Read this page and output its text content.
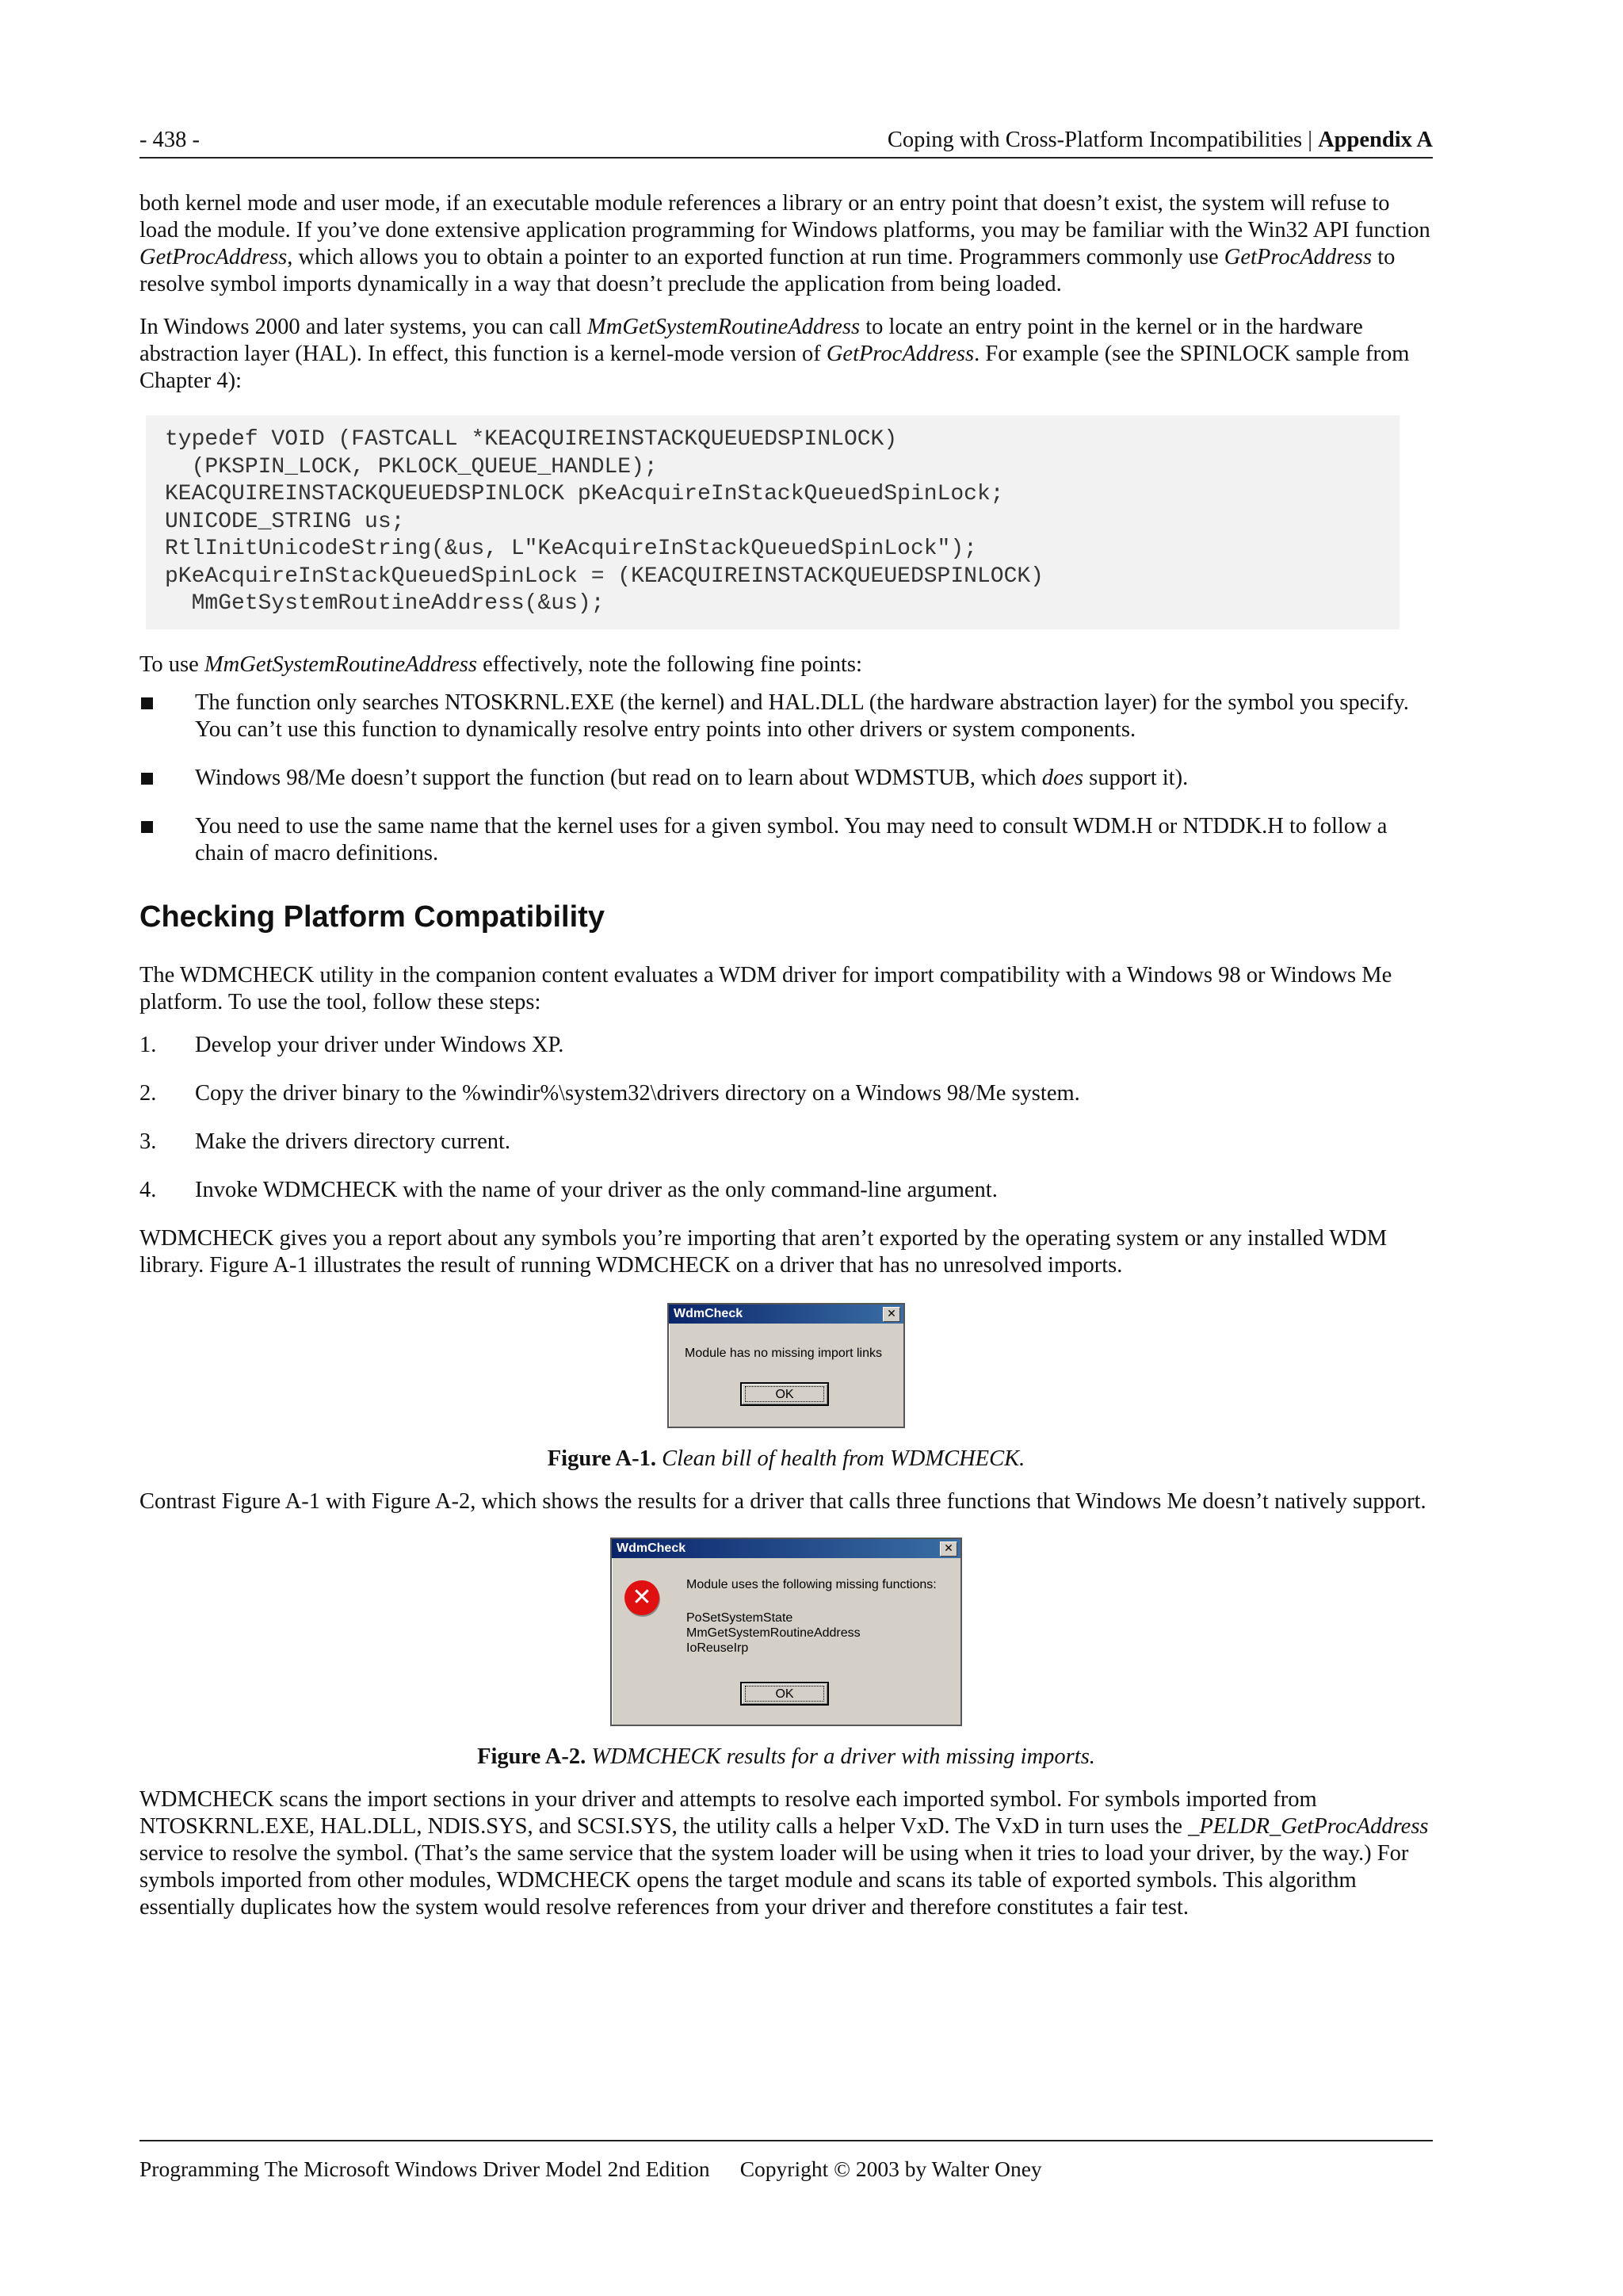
- 438 -	Coping with Cross-Platform Incompatibilities | Appendix A

both kernel mode and user mode, if an executable module references a library or an entry point that doesn’t exist, the system will refuse to load the module. If you’ve done extensive application programming for Windows platforms, you may be familiar with the Win32 API function GetProcAddress, which allows you to obtain a pointer to an exported function at run time. Programmers commonly use GetProcAddress to resolve symbol imports dynamically in a way that doesn’t preclude the application from being loaded.

In Windows 2000 and later systems, you can call MmGetSystemRoutineAddress to locate an entry point in the kernel or in the hardware abstraction layer (HAL). In effect, this function is a kernel-mode version of GetProcAddress. For example (see the SPINLOCK sample from Chapter 4):

typedef VOID (FASTCALL *KEACQUIREINSTACKQUEUEDSPINLOCK)
(PKSPIN_LOCK, PKLOCK_QUEUE_HANDLE);
KEACQUIREINSTACKQUEUEDSPINLOCK pKeAcquireInStackQueuedSpinLock;
UNICODE_STRING us;
RtlInitUnicodeString(&us, L"KeAcquireInStackQueuedSpinLock");
pKeAcquireInStackQueuedSpinLock = (KEACQUIREINSTACKQUEUEDSPINLOCK)
MmGetSystemRoutineAddress(&us);

To use MmGetSystemRoutineAddress effectively, note the following fine points:

The function only searches NTOSKRNL.EXE (the kernel) and HAL.DLL (the hardware abstraction layer) for the symbol you specify. You can’t use this function to dynamically resolve entry points into other drivers or system components.
Windows 98/Me doesn’t support the function (but read on to learn about WDMSTUB, which does support it).
You need to use the same name that the kernel uses for a given symbol. You may need to consult WDM.H or NTDDK.H to follow a chain of macro definitions.
Checking Platform Compatibility

The WDMCHECK utility in the companion content evaluates a WDM driver for import compatibility with a Windows 98 or Windows Me platform. To use the tool, follow these steps:

1. Develop your driver under Windows XP.
2. Copy the driver binary to the %windir%\system32\drivers directory on a Windows 98/Me system.
3. Make the drivers directory current.
4. Invoke WDMCHECK with the name of your driver as the only command-line argument.

WDMCHECK gives you a report about any symbols you’re importing that aren’t exported by the operating system or any installed WDM library. Figure A-1 illustrates the result of running WDMCHECK on a driver that has no unresolved imports.

WdmCheck	✕
Module has no missing import links
OK

Figure A-1. Clean bill of health from WDMCHECK.

Contrast Figure A-1 with Figure A-2, which shows the results for a driver that calls three functions that Windows Me doesn’t natively support.

WdmCheck	✕
✕	Module uses the following missing functions:
PoSetSystemState
MmGetSystemRoutineAddress
IoReuseIrp
OK

Figure A-2. WDMCHECK results for a driver with missing imports.

WDMCHECK scans the import sections in your driver and attempts to resolve each imported symbol. For symbols imported from NTOSKRNL.EXE, HAL.DLL, NDIS.SYS, and SCSI.SYS, the utility calls a helper VxD. The VxD in turn uses the _PELDR_GetProcAddress service to resolve the symbol. (That’s the same service that the system loader will be using when it tries to load your driver, by the way.) For symbols imported from other modules, WDMCHECK opens the target module and scans its table of exported symbols. This algorithm essentially duplicates how the system would resolve references from your driver and therefore constitutes a fair test.

Programming The Microsoft Windows Driver Model 2nd Edition Copyright © 2003 by Walter Oney
